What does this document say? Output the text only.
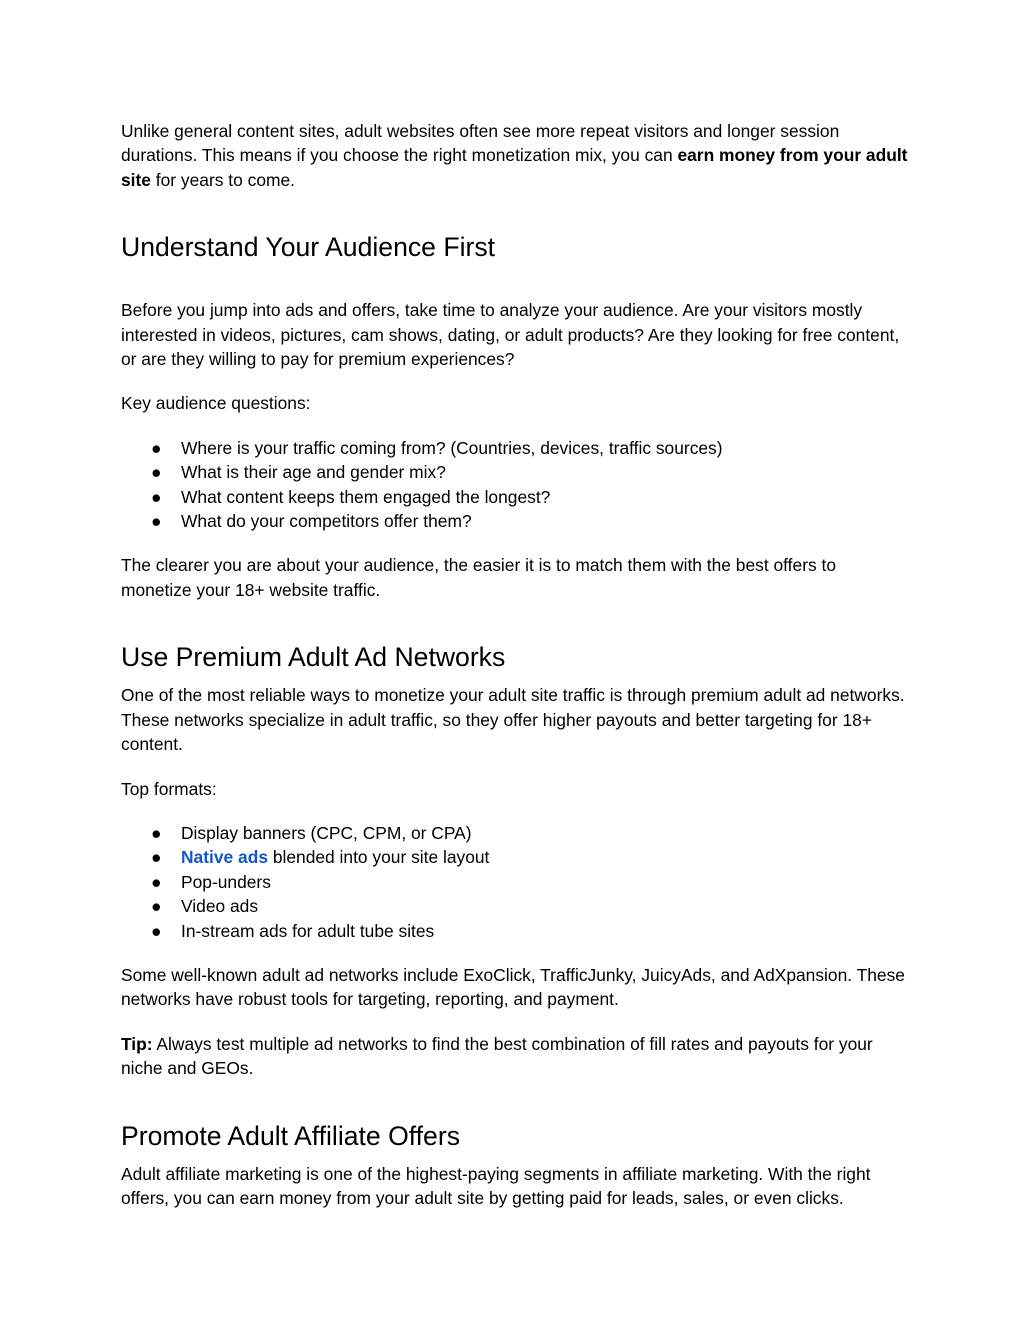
Unlike general content sites, adult websites often see more repeat visitors and longer session durations. This means if you choose the right monetization mix, you can earn money from your adult site for years to come.

Understand Your Audience First

Before you jump into ads and offers, take time to analyze your audience. Are your visitors mostly interested in videos, pictures, cam shows, dating, or adult products? Are they looking for free content, or are they willing to pay for premium experiences?

Key audience questions:

● Where is your traffic coming from? (Countries, devices, traffic sources)
● What is their age and gender mix?
● What content keeps them engaged the longest?
● What do your competitors offer them?

The clearer you are about your audience, the easier it is to match them with the best offers to monetize your 18+ website traffic.

Use Premium Adult Ad Networks

One of the most reliable ways to monetize your adult site traffic is through premium adult ad networks. These networks specialize in adult traffic, so they offer higher payouts and better targeting for 18+ content.

Top formats:

● Display banners (CPC, CPM, or CPA)
● Native ads blended into your site layout
● Pop-unders
● Video ads
● In-stream ads for adult tube sites

Some well-known adult ad networks include ExoClick, TrafficJunky, JuicyAds, and AdXpansion. These networks have robust tools for targeting, reporting, and payment.

Tip: Always test multiple ad networks to find the best combination of fill rates and payouts for your niche and GEOs.

Promote Adult Affiliate Offers

Adult affiliate marketing is one of the highest-paying segments in affiliate marketing. With the right offers, you can earn money from your adult site by getting paid for leads, sales, or even clicks.
